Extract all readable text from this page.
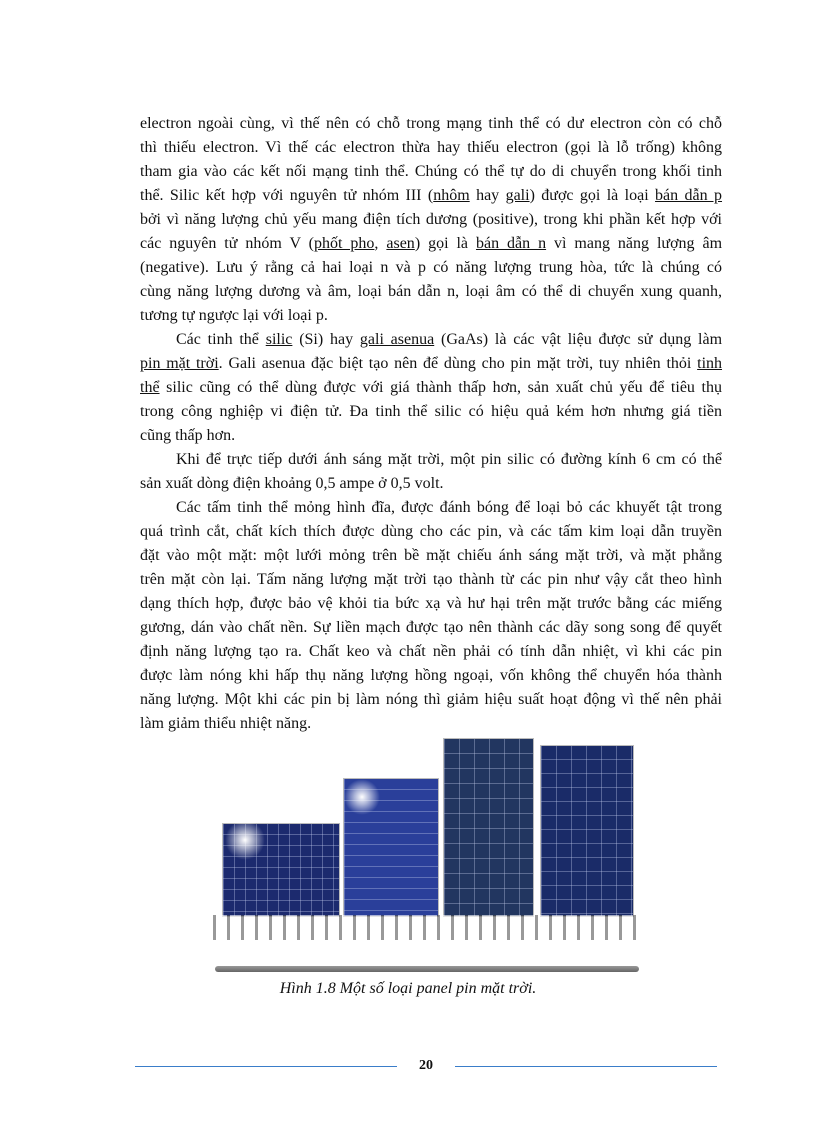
electron ngoài cùng, vì thế nên có chỗ trong mạng tinh thể có dư electron còn có chỗ
thì thiếu electron. Vì thế các electron thừa hay thiếu electron (gọi là lỗ trống) không
tham gia vào các kết nối mạng tinh thể. Chúng có thể tự do di chuyển trong khối tinh
thể. Silic kết hợp với nguyên tử nhóm III (nhôm hay gali) được gọi là loại bán dẫn p
bởi vì năng lượng chủ yếu mang điện tích dương (positive), trong khi phần kết hợp với
các nguyên tử nhóm V (phốt pho, asen) gọi là bán dẫn n vì mang năng lượng âm
(negative). Lưu ý rằng cả hai loại n và p có năng lượng trung hòa, tức là chúng có
cùng năng lượng dương và âm, loại bán dẫn n, loại âm có thể di chuyển xung quanh,
tương tự ngược lại với loại p.
Các tinh thể silic (Si) hay gali asenua (GaAs) là các vật liệu được sử dụng làm
pin mặt trời. Gali asenua đặc biệt tạo nên để dùng cho pin mặt trời, tuy nhiên thỏi tinh
thể silic cũng có thể dùng được với giá thành thấp hơn, sản xuất chủ yếu để tiêu thụ
trong công nghiệp vi điện tử. Đa tinh thể silic có hiệu quả kém hơn nhưng giá tiền
cũng thấp hơn.
Khi để trực tiếp dưới ánh sáng mặt trời, một pin silic có đường kính 6 cm có thể
sản xuất dòng điện khoảng 0,5 ampe ở 0,5 volt.
Các tấm tinh thể mỏng hình đĩa, được đánh bóng để loại bỏ các khuyết tật trong
quá trình cắt, chất kích thích được dùng cho các pin, và các tấm kim loại dẫn truyền
đặt vào một mặt: một lưới mỏng trên bề mặt chiếu ánh sáng mặt trời, và mặt phẳng
trên mặt còn lại. Tấm năng lượng mặt trời tạo thành từ các pin như vậy cắt theo hình
dạng thích hợp, được bảo vệ khỏi tia bức xạ và hư hại trên mặt trước bằng các miếng
gương, dán vào chất nền. Sự liền mạch được tạo nên thành các dãy song song để quyết
định năng lượng tạo ra. Chất keo và chất nền phải có tính dẫn nhiệt, vì khi các pin
được làm nóng khi hấp thụ năng lượng hồng ngoại, vốn không thể chuyển hóa thành
năng lượng. Một khi các pin bị làm nóng thì giảm hiệu suất hoạt động vì thế nên phải
làm giảm thiểu nhiệt năng.
Hình 1.8 Một số loại panel pin mặt trời.
20
